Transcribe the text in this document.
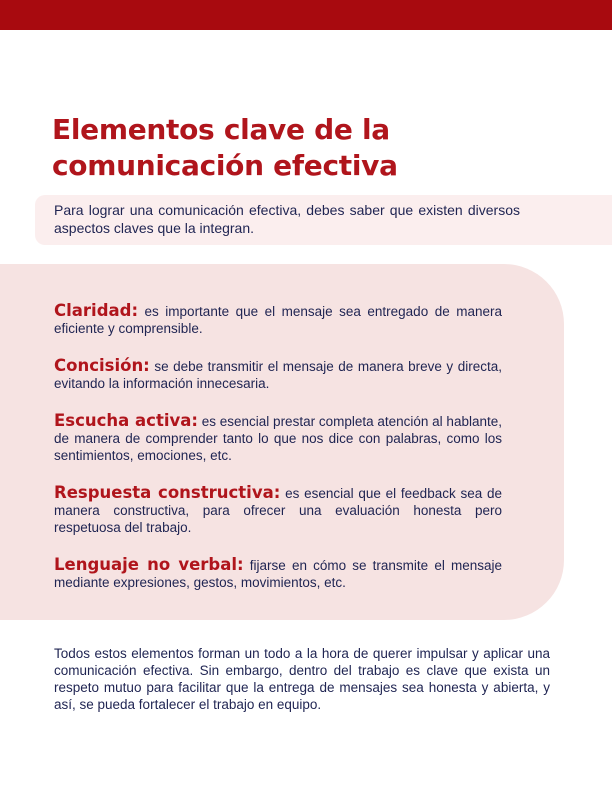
Elementos clave de la comunicación efectiva

Para lograr una comunicación efectiva, debes saber que existen diversos aspectos claves que la integran.

Claridad: es importante que el mensaje sea entregado de manera eficiente y comprensible.

Concisión: se debe transmitir el mensaje de manera breve y directa, evitando la información innecesaria.

Escucha activa: es esencial prestar completa atención al hablante, de manera de comprender tanto lo que nos dice con palabras, como los sentimientos, emociones, etc.

Respuesta constructiva: es esencial que el feedback sea de manera constructiva, para ofrecer una evaluación honesta pero respetuosa del trabajo.

Lenguaje no verbal: fijarse en cómo se transmite el mensaje mediante expresiones, gestos, movimientos, etc.

Todos estos elementos forman un todo a la hora de querer impulsar y aplicar una comunicación efectiva. Sin embargo, dentro del trabajo es clave que exista un respeto mutuo para facilitar que la entrega de mensajes sea honesta y abierta, y así, se pueda fortalecer el trabajo en equipo.
